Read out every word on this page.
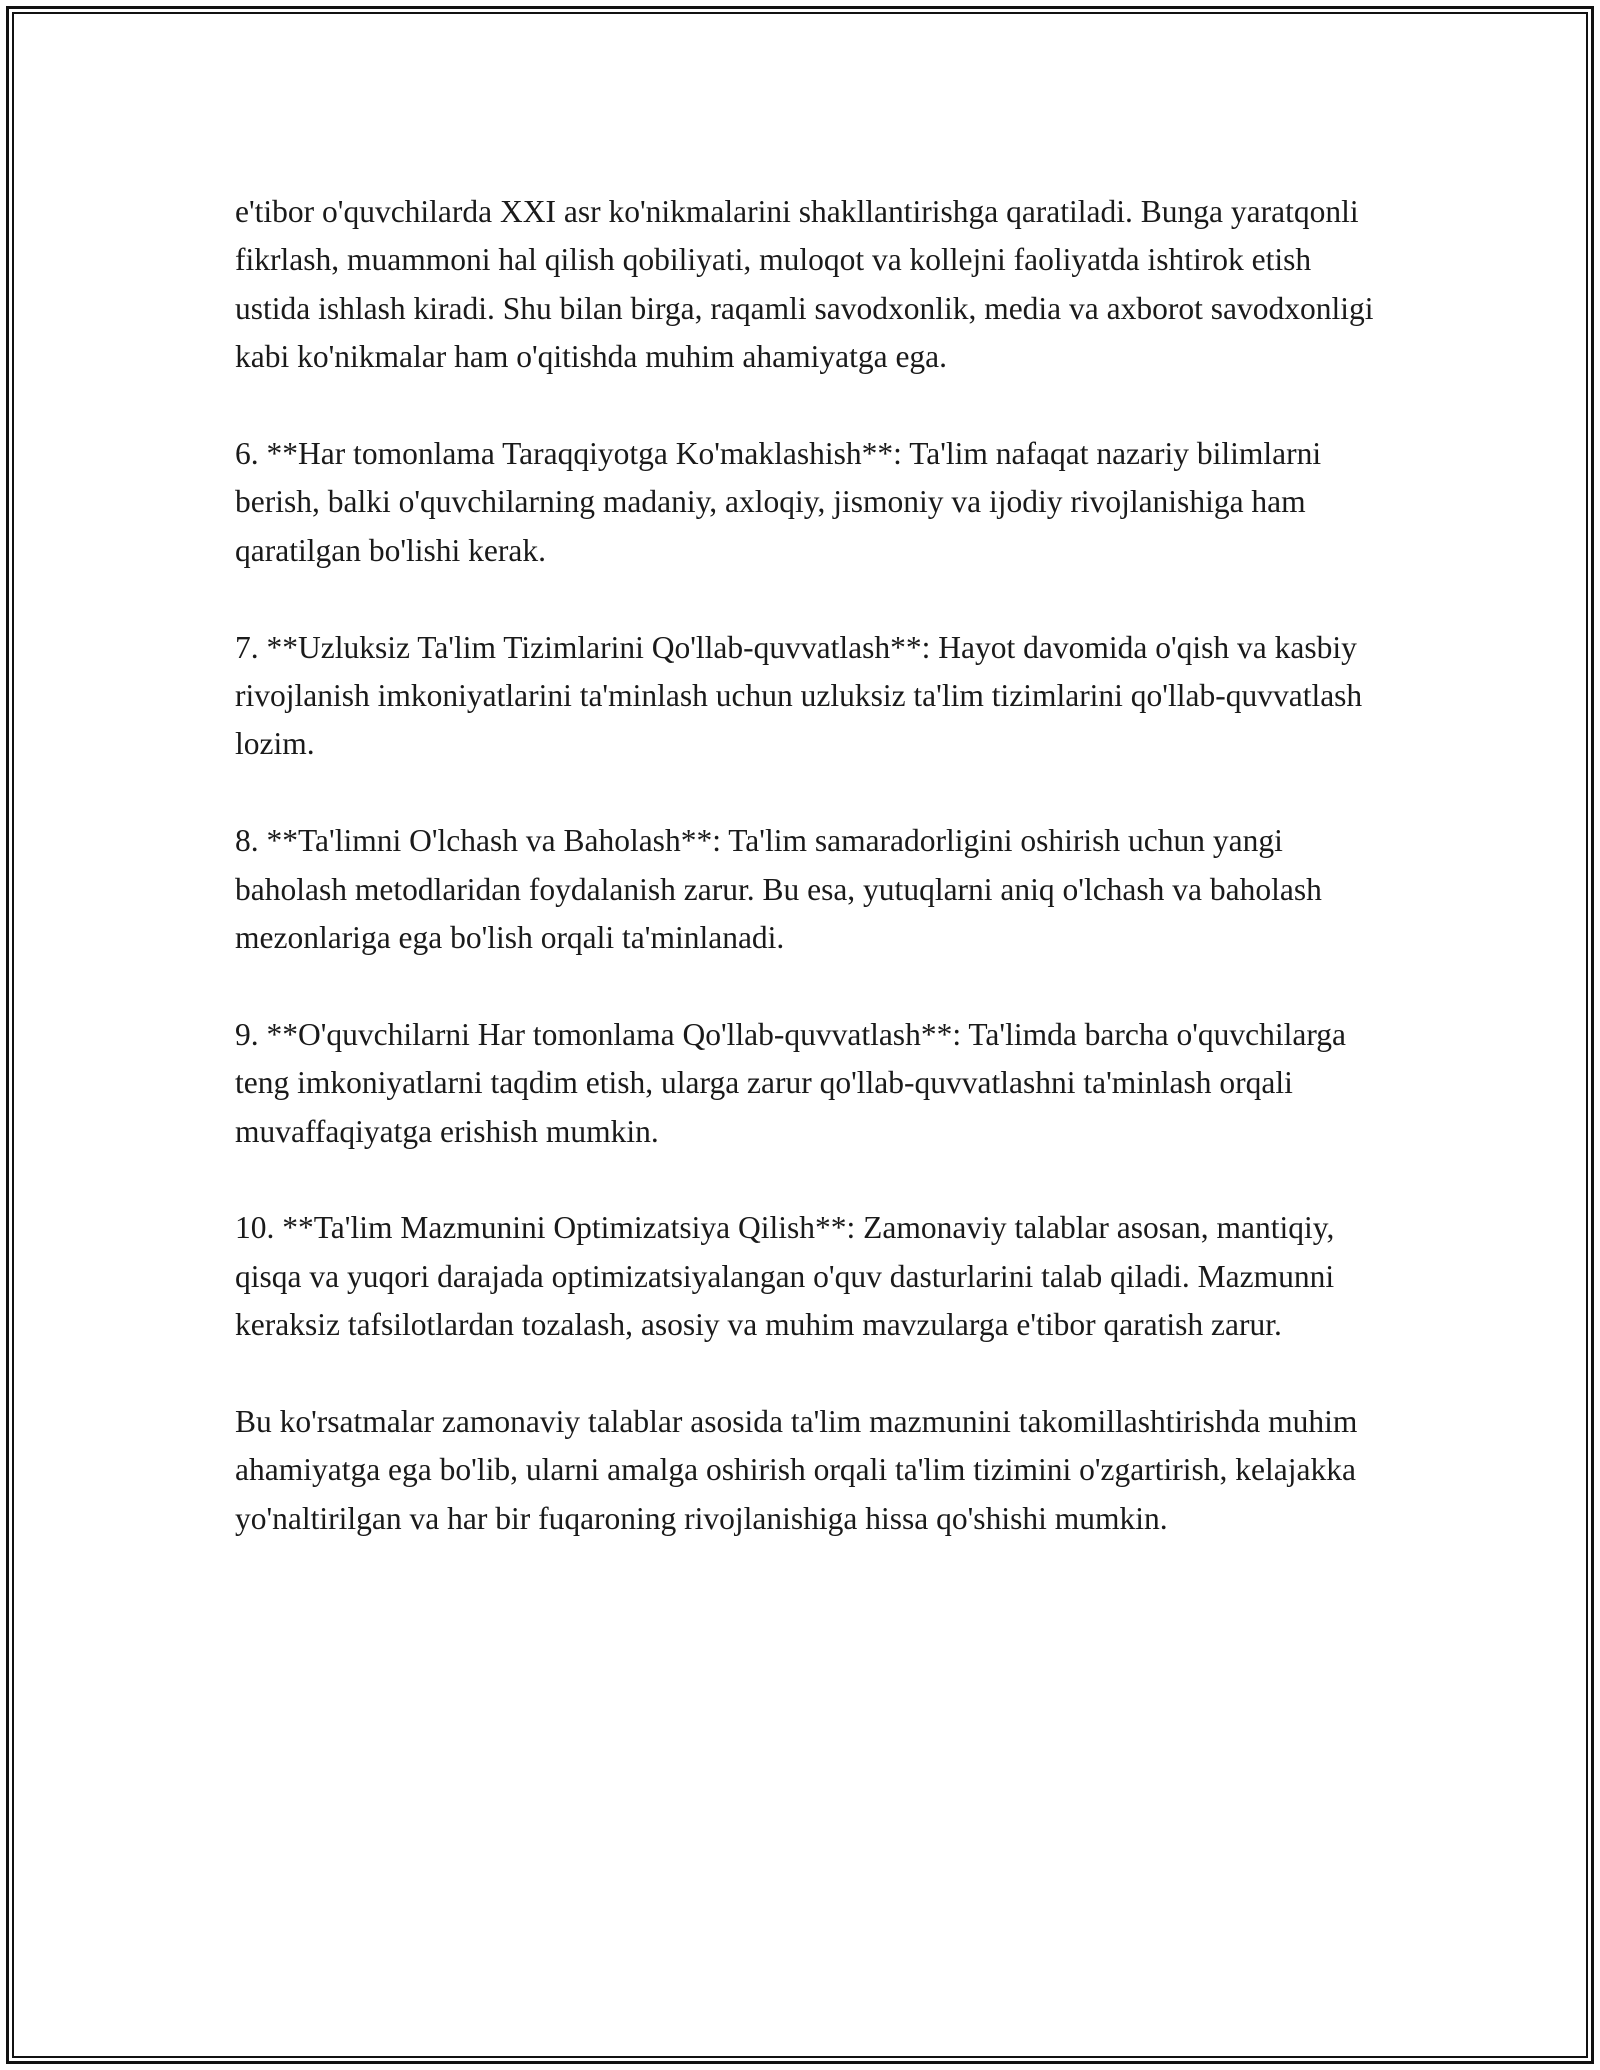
e'tibor o'quvchilarda XXI asr ko'nikmalarini shakllantirishga qaratiladi. Bunga yaratqonli fikrlash, muammoni hal qilish qobiliyati, muloqot va kollejni faoliyatda ishtirok etish ustida ishlash kiradi. Shu bilan birga, raqamli savodxonlik, media va axborot savodxonligi kabi ko'nikmalar ham o'qitishda muhim ahamiyatga ega.

6. **Har tomonlama Taraqqiyotga Ko'maklashish**: Ta'lim nafaqat nazariy bilimlarni berish, balki o'quvchilarning madaniy, axloqiy, jismoniy va ijodiy rivojlanishiga ham qaratilgan bo'lishi kerak.

7. **Uzluksiz Ta'lim Tizimlarini Qo'llab-quvvatlash**: Hayot davomida o'qish va kasbiy rivojlanish imkoniyatlarini ta'minlash uchun uzluksiz ta'lim tizimlarini qo'llab-quvvatlash lozim.

8. **Ta'limni O'lchash va Baholash**: Ta'lim samaradorligini oshirish uchun yangi baholash metodlaridan foydalanish zarur. Bu esa, yutuqlarni aniq o'lchash va baholash mezonlariga ega bo'lish orqali ta'minlanadi.

9. **O'quvchilarni Har tomonlama Qo'llab-quvvatlash**: Ta'limda barcha o'quvchilarga teng imkoniyatlarni taqdim etish, ularga zarur qo'llab-quvvatlashni ta'minlash orqali muvaffaqiyatga erishish mumkin.

10. **Ta'lim Mazmunini Optimizatsiya Qilish**: Zamonaviy talablar asosan, mantiqiy, qisqa va yuqori darajada optimizatsiyalangan o'quv dasturlarini talab qiladi. Mazmunni keraksiz tafsilotlardan tozalash, asosiy va muhim mavzularga e'tibor qaratish zarur.

Bu ko'rsatmalar zamonaviy talablar asosida ta'lim mazmunini takomillashtirishda muhim ahamiyatga ega bo'lib, ularni amalga oshirish orqali ta'lim tizimini o'zgartirish, kelajakka yo'naltirilgan va har bir fuqaroning rivojlanishiga hissa qo'shishi mumkin.
